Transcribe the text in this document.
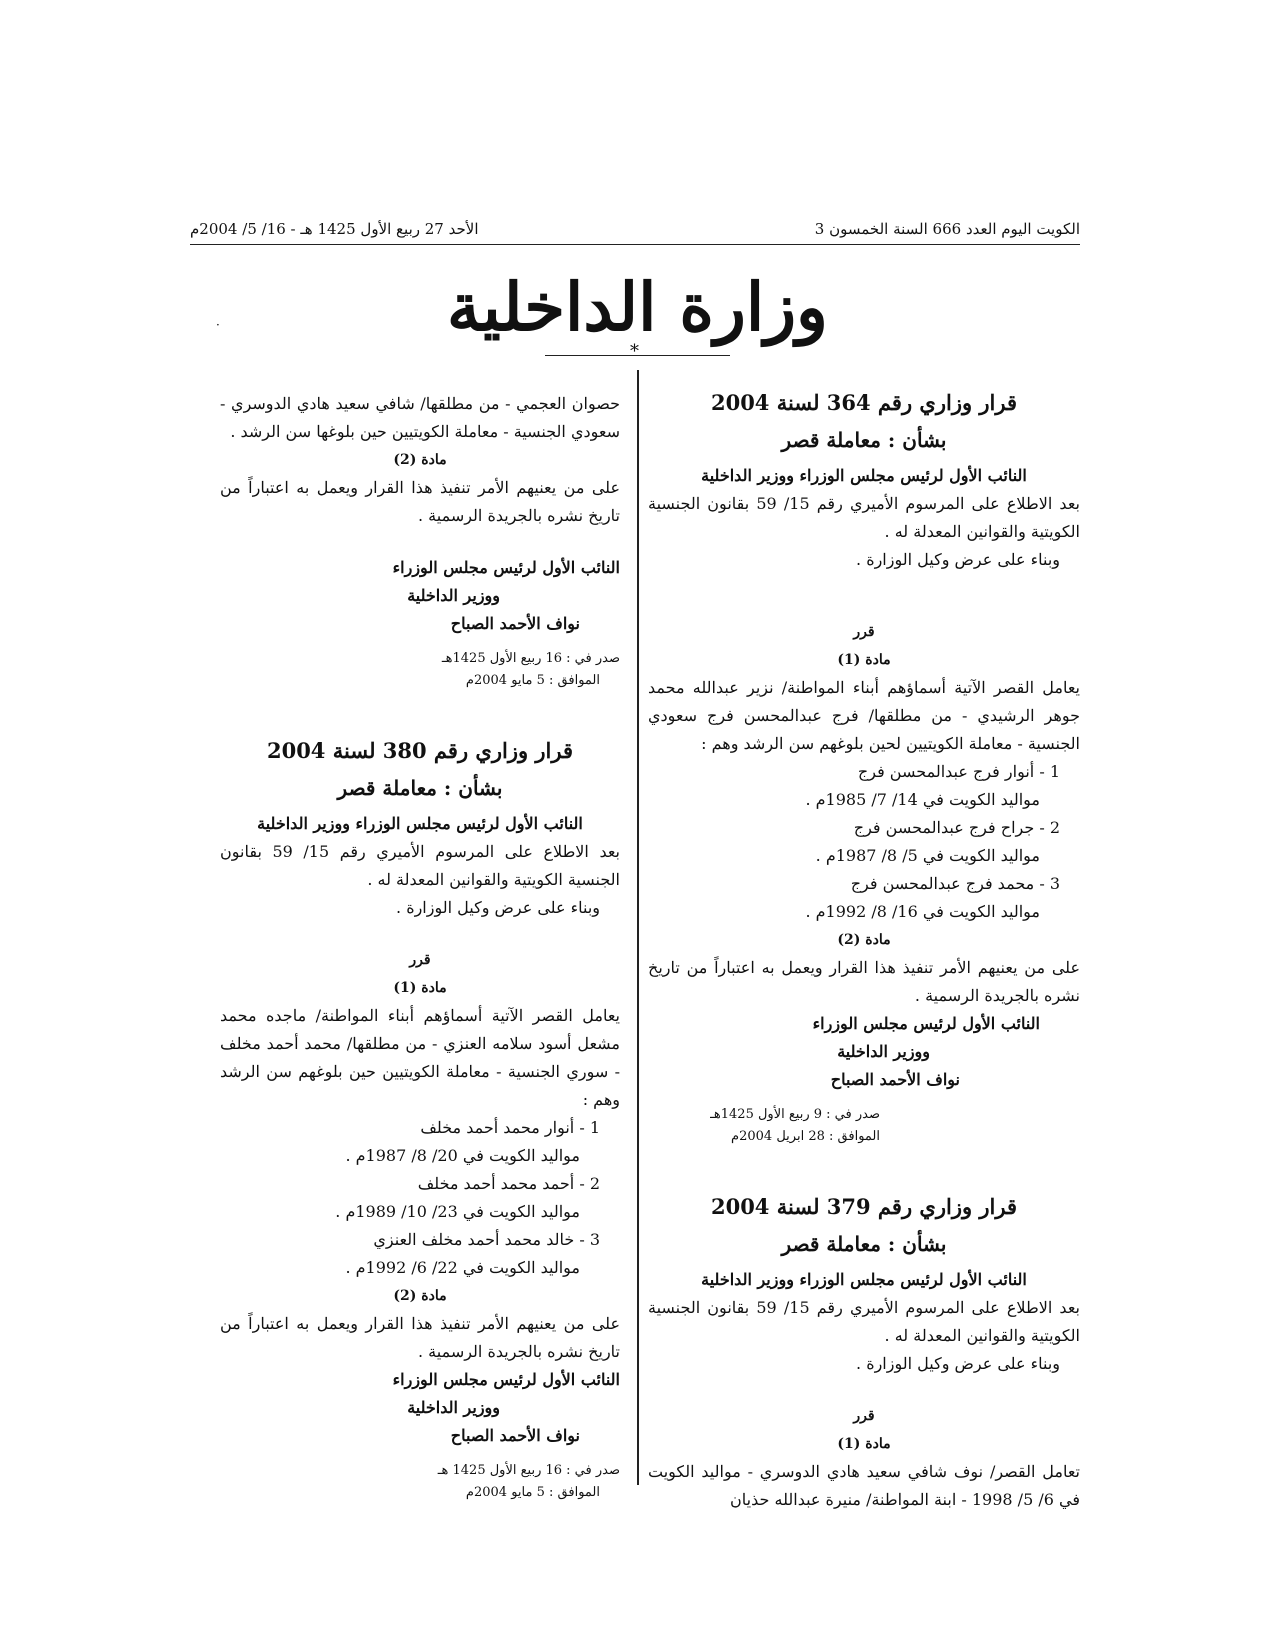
الكويت اليوم العدد 666 السنة الخمسون 3
الأحد 27 ربيع الأول 1425 هـ - 16/ 5/ 2004م
·	وزارة الداخلية
*

قرار وزاري رقم 364 لسنة 2004

بشأن : معاملة قصر

النائب الأول لرئيس مجلس الوزراء ووزير الداخلية

بعد الاطلاع على المرسوم الأميري رقم 15/ 59 بقانون الجنسية الكويتية والقوانين المعدلة له .

وبناء على عرض وكيل الوزارة .

قرر

مادة (1)

يعامل القصر الآتية أسماؤهم أبناء المواطنة/ نزير عبدالله محمد جوهر الرشيدي - من مطلقها/ فرج عبدالمحسن فرج سعودي الجنسية - معاملة الكويتيين لحين بلوغهم سن الرشد وهم :

1 - أنوار فرج عبدالمحسن فرج

مواليد الكويت في 14/ 7/ 1985م .

2 - جراح فرج عبدالمحسن فرج

مواليد الكويت في 5/ 8/ 1987م .

3 - محمد فرج عبدالمحسن فرج

مواليد الكويت في 16/ 8/ 1992م .

مادة (2)

على من يعنيهم الأمر تنفيذ هذا القرار ويعمل به اعتباراً من تاريخ نشره بالجريدة الرسمية .

النائب الأول لرئيس مجلس الوزراء

ووزير الداخلية

نواف الأحمد الصباح

صدر في : 9 ربيع الأول 1425هـ

الموافق : 28 ابريل 2004م

قرار وزاري رقم 379 لسنة 2004

بشأن : معاملة قصر

النائب الأول لرئيس مجلس الوزراء ووزير الداخلية

بعد الاطلاع على المرسوم الأميري رقم 15/ 59 بقانون الجنسية الكويتية والقوانين المعدلة له .

وبناء على عرض وكيل الوزارة .

قرر

مادة (1)

تعامل القصر/ نوف شافي سعيد هادي الدوسري - مواليد الكويت في 6/ 5/ 1998 - ابنة المواطنة/ منيرة عبدالله حذيان

حصوان العجمي - من مطلقها/ شافي سعيد هادي الدوسري - سعودي الجنسية - معاملة الكويتيين حين بلوغها سن الرشد .

مادة (2)

على من يعنيهم الأمر تنفيذ هذا القرار ويعمل به اعتباراً من تاريخ نشره بالجريدة الرسمية .

النائب الأول لرئيس مجلس الوزراء

ووزير الداخلية

نواف الأحمد الصباح

صدر في : 16 ربيع الأول 1425هـ

الموافق : 5 مايو 2004م

قرار وزاري رقم 380 لسنة 2004

بشأن : معاملة قصر

النائب الأول لرئيس مجلس الوزراء ووزير الداخلية

بعد الاطلاع على المرسوم الأميري رقم 15/ 59 بقانون الجنسية الكويتية والقوانين المعدلة له .

وبناء على عرض وكيل الوزارة .

قرر

مادة (1)

يعامل القصر الآتية أسماؤهم أبناء المواطنة/ ماجده محمد مشعل أسود سلامه العنزي - من مطلقها/ محمد أحمد مخلف - سوري الجنسية - معاملة الكويتيين حين بلوغهم سن الرشد وهم :

1 - أنوار محمد أحمد مخلف

مواليد الكويت في 20/ 8/ 1987م .

2 - أحمد محمد أحمد مخلف

مواليد الكويت في 23/ 10/ 1989م .

3 - خالد محمد أحمد مخلف العنزي

مواليد الكويت في 22/ 6/ 1992م .

مادة (2)

على من يعنيهم الأمر تنفيذ هذا القرار ويعمل به اعتباراً من تاريخ نشره بالجريدة الرسمية .

النائب الأول لرئيس مجلس الوزراء

ووزير الداخلية

نواف الأحمد الصباح

صدر في : 16 ربيع الأول 1425 هـ

الموافق : 5 مايو 2004م
